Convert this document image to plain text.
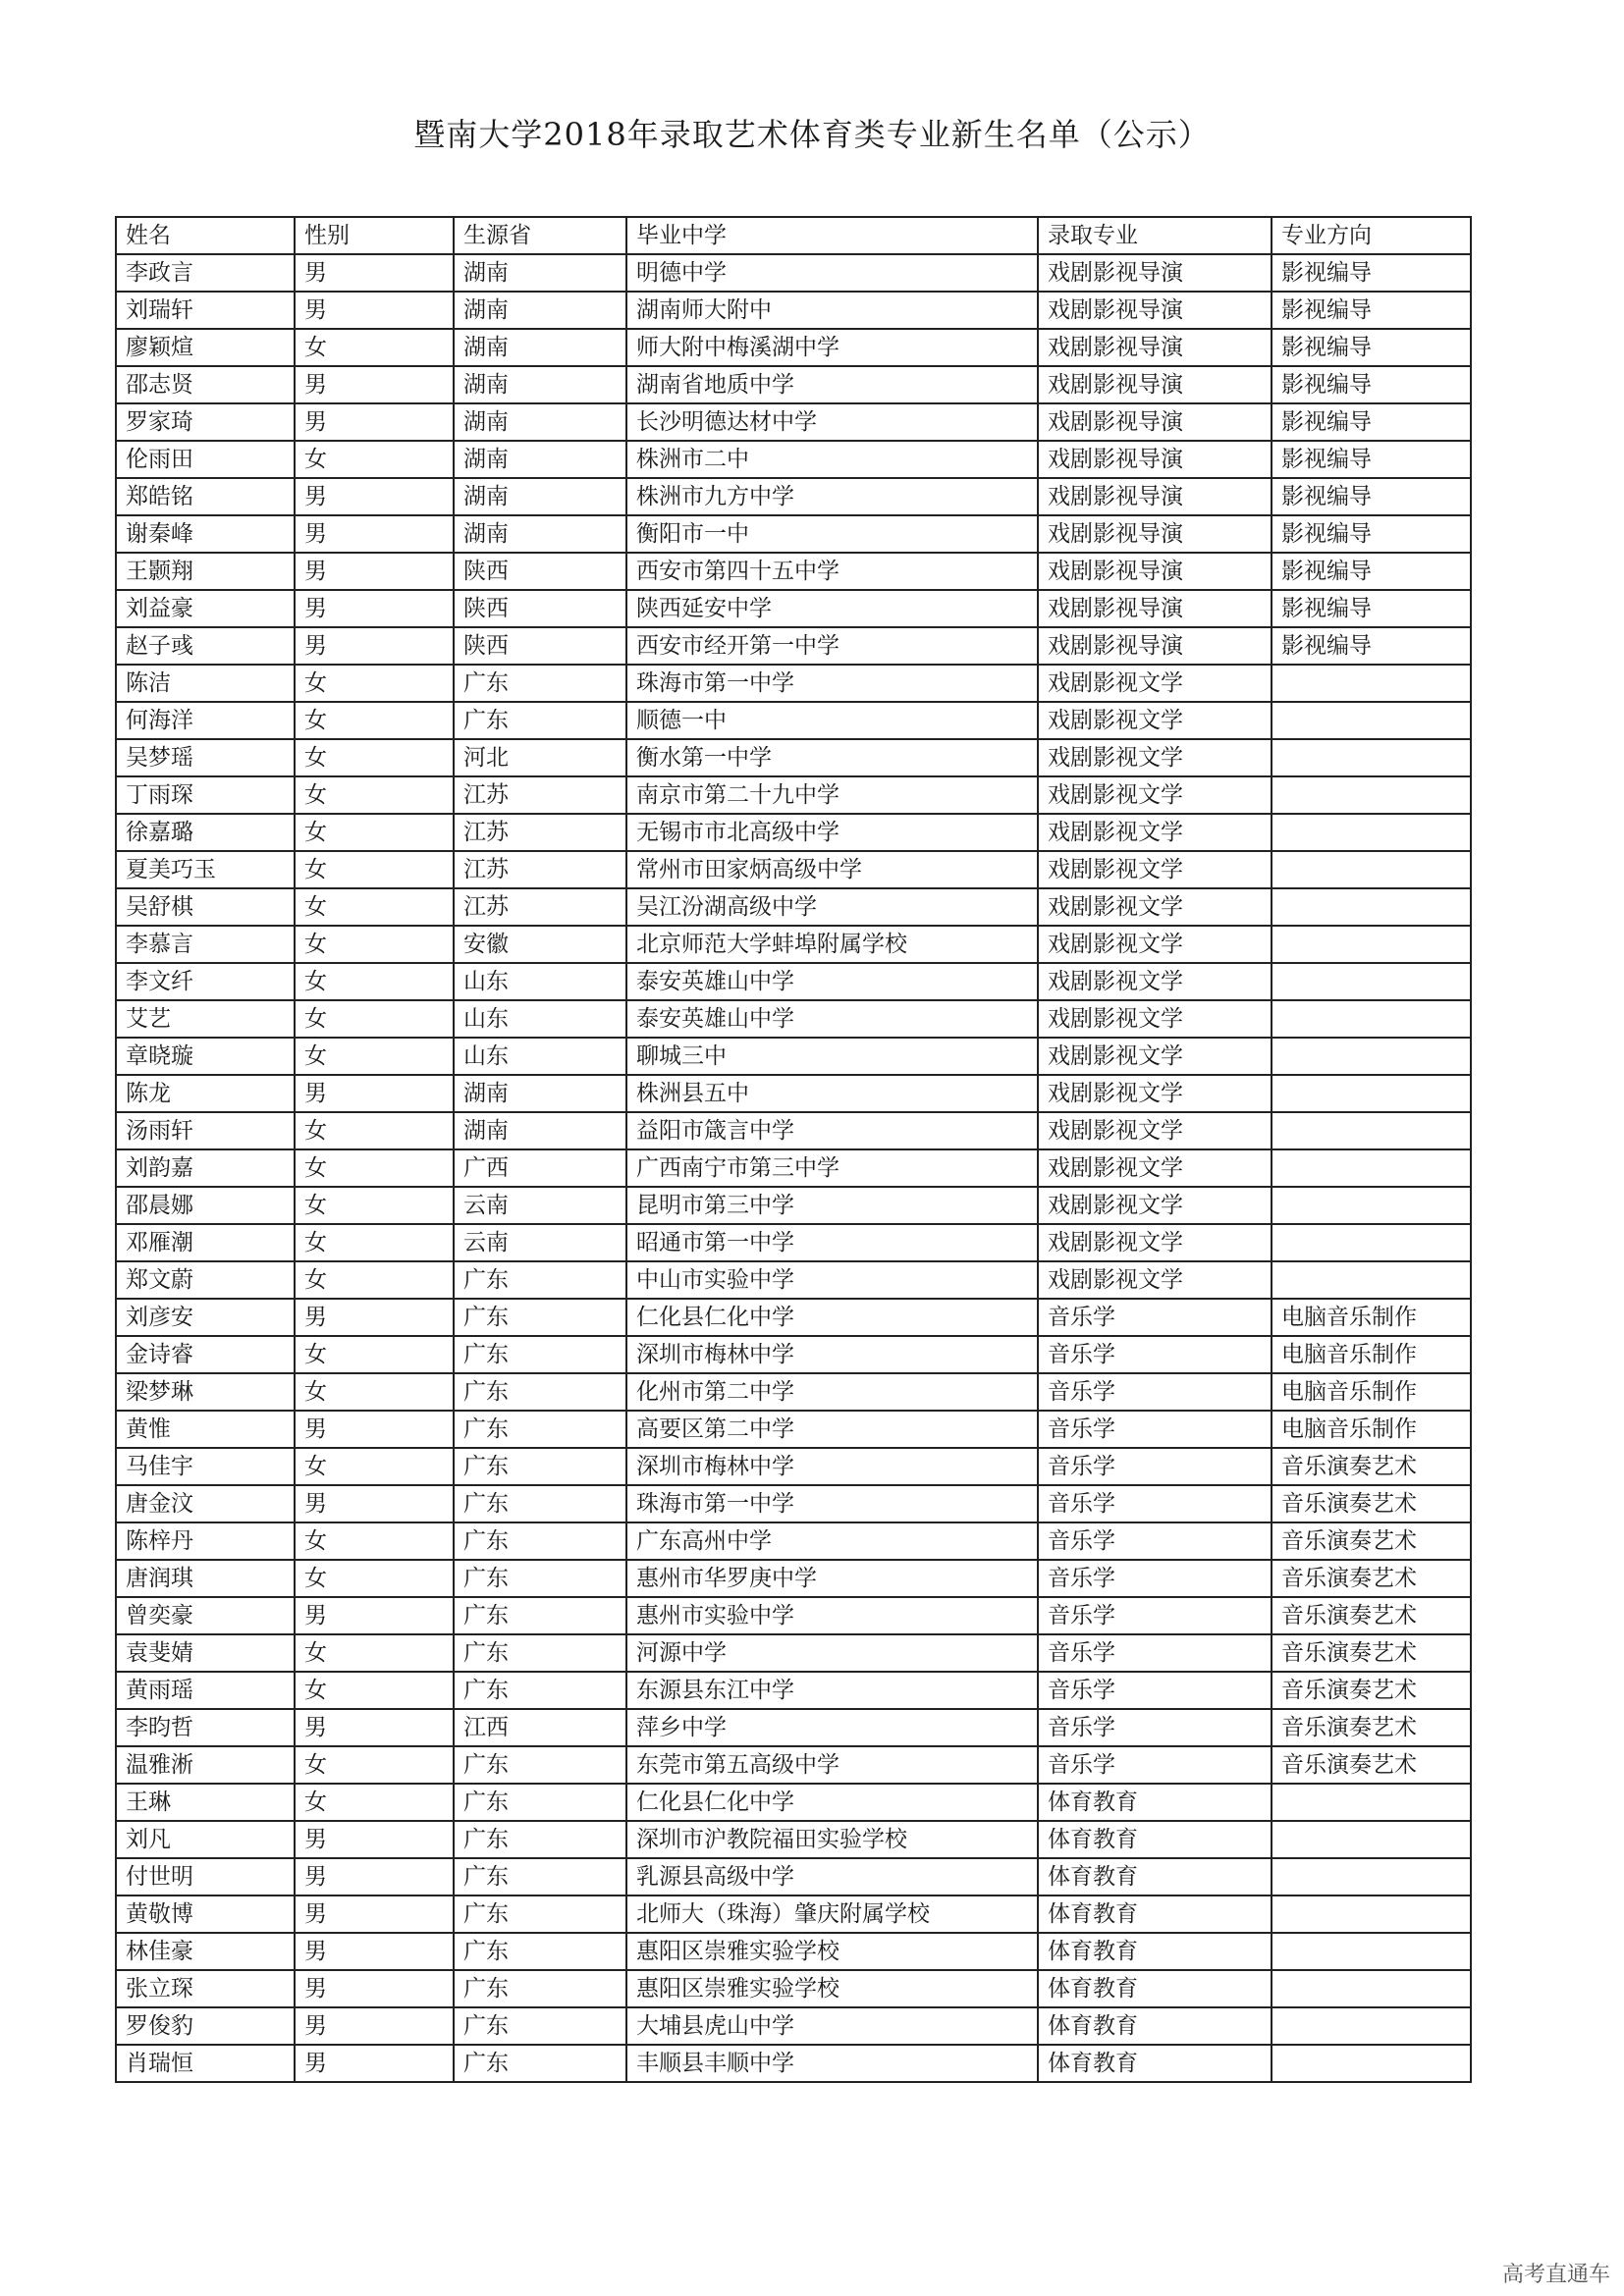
暨南大学2018年录取艺术体育类专业新生名单（公示）
姓名	性别	生源省	毕业中学	录取专业	专业方向
李政言	男	湖南	明德中学	戏剧影视导演	影视编导
刘瑞轩	男	湖南	湖南师大附中	戏剧影视导演	影视编导
廖颖煊	女	湖南	师大附中梅溪湖中学	戏剧影视导演	影视编导
邵志贤	男	湖南	湖南省地质中学	戏剧影视导演	影视编导
罗家琦	男	湖南	长沙明德达材中学	戏剧影视导演	影视编导
伦雨田	女	湖南	株洲市二中	戏剧影视导演	影视编导
郑皓铭	男	湖南	株洲市九方中学	戏剧影视导演	影视编导
谢秦峰	男	湖南	衡阳市一中	戏剧影视导演	影视编导
王颢翔	男	陕西	西安市第四十五中学	戏剧影视导演	影视编导
刘益豪	男	陕西	陕西延安中学	戏剧影视导演	影视编导
赵子彧	男	陕西	西安市经开第一中学	戏剧影视导演	影视编导
陈洁	女	广东	珠海市第一中学	戏剧影视文学	
何海洋	女	广东	顺德一中	戏剧影视文学	
吴梦瑶	女	河北	衡水第一中学	戏剧影视文学	
丁雨琛	女	江苏	南京市第二十九中学	戏剧影视文学	
徐嘉璐	女	江苏	无锡市市北高级中学	戏剧影视文学	
夏美巧玉	女	江苏	常州市田家炳高级中学	戏剧影视文学	
吴舒棋	女	江苏	吴江汾湖高级中学	戏剧影视文学	
李慕言	女	安徽	北京师范大学蚌埠附属学校	戏剧影视文学	
李文纤	女	山东	泰安英雄山中学	戏剧影视文学	
艾艺	女	山东	泰安英雄山中学	戏剧影视文学	
章晓璇	女	山东	聊城三中	戏剧影视文学	
陈龙	男	湖南	株洲县五中	戏剧影视文学	
汤雨轩	女	湖南	益阳市箴言中学	戏剧影视文学	
刘韵嘉	女	广西	广西南宁市第三中学	戏剧影视文学	
邵晨娜	女	云南	昆明市第三中学	戏剧影视文学	
邓雁潮	女	云南	昭通市第一中学	戏剧影视文学	
郑文蔚	女	广东	中山市实验中学	戏剧影视文学	
刘彦安	男	广东	仁化县仁化中学	音乐学	电脑音乐制作
金诗睿	女	广东	深圳市梅林中学	音乐学	电脑音乐制作
梁梦琳	女	广东	化州市第二中学	音乐学	电脑音乐制作
黄惟	男	广东	高要区第二中学	音乐学	电脑音乐制作
马佳宇	女	广东	深圳市梅林中学	音乐学	音乐演奏艺术
唐金汶	男	广东	珠海市第一中学	音乐学	音乐演奏艺术
陈梓丹	女	广东	广东高州中学	音乐学	音乐演奏艺术
唐润琪	女	广东	惠州市华罗庚中学	音乐学	音乐演奏艺术
曾奕豪	男	广东	惠州市实验中学	音乐学	音乐演奏艺术
袁斐婧	女	广东	河源中学	音乐学	音乐演奏艺术
黄雨瑶	女	广东	东源县东江中学	音乐学	音乐演奏艺术
李昀哲	男	江西	萍乡中学	音乐学	音乐演奏艺术
温雅淅	女	广东	东莞市第五高级中学	音乐学	音乐演奏艺术
王琳	女	广东	仁化县仁化中学	体育教育	
刘凡	男	广东	深圳市沪教院福田实验学校	体育教育	
付世明	男	广东	乳源县高级中学	体育教育	
黄敬博	男	广东	北师大（珠海）肇庆附属学校	体育教育	
林佳豪	男	广东	惠阳区崇雅实验学校	体育教育	
张立琛	男	广东	惠阳区崇雅实验学校	体育教育	
罗俊豹	男	广东	大埔县虎山中学	体育教育	
肖瑞恒	男	广东	丰顺县丰顺中学	体育教育	
高考直通车
